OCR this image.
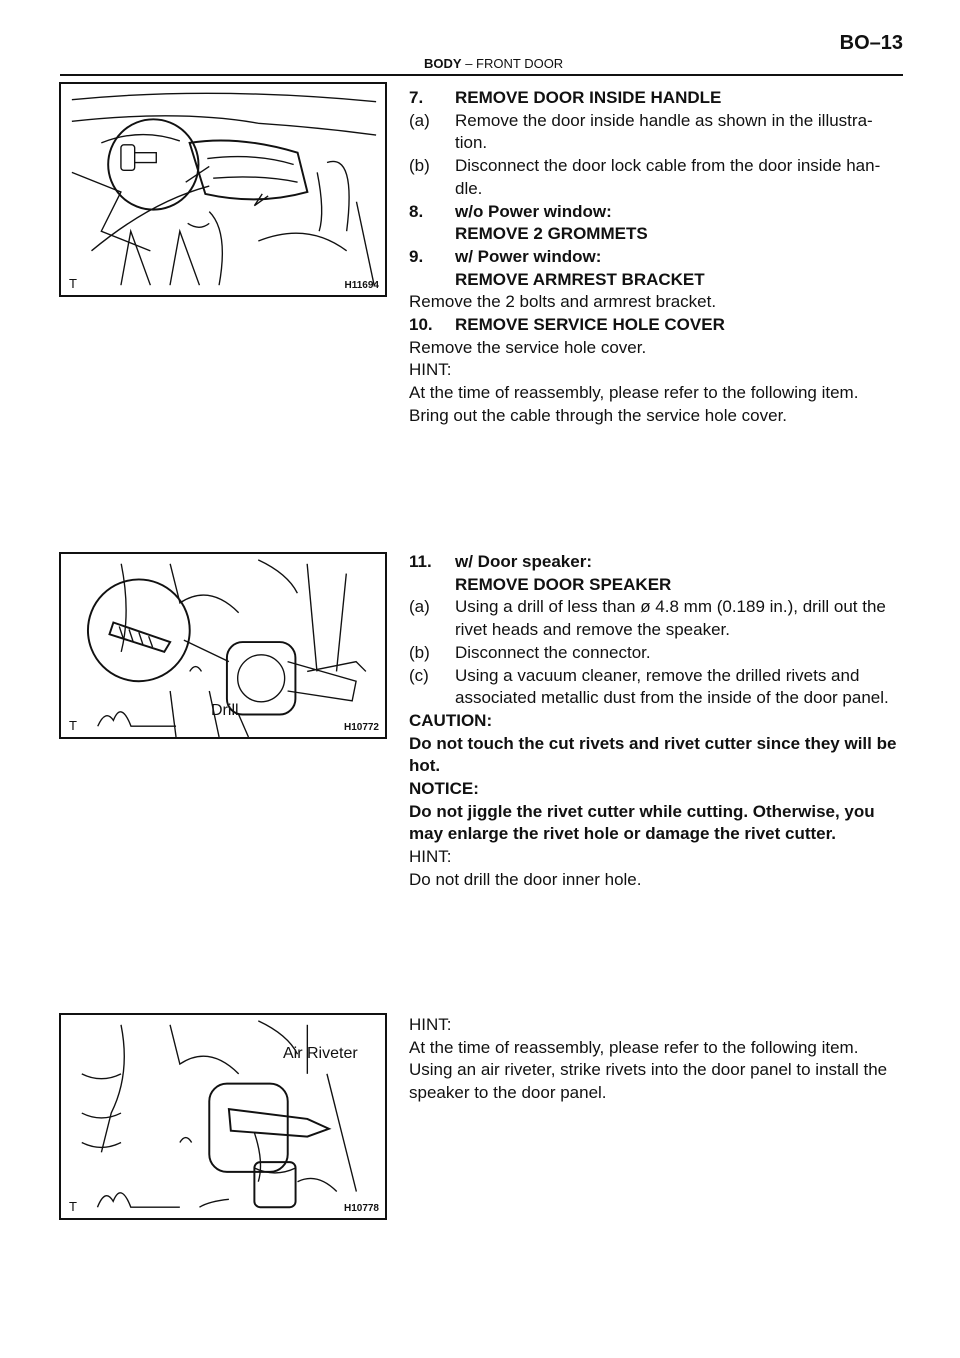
BO–13
BODY – FRONT DOOR
T	H11694
Drill
T	H10772
Air Riveter
T	H10778
7.	REMOVE DOOR INSIDE HANDLE
(a)	Remove the door inside handle as shown in the illustra-tion.
(b)	Disconnect the door lock cable from the door inside han-dle.
8.	w/o Power window:

REMOVE 2 GROMMETS

9.	w/ Power window:

REMOVE ARMREST BRACKET

Remove the 2 bolts and armrest bracket.

10.	REMOVE SERVICE HOLE COVER

Remove the service hole cover.

HINT:

At the time of reassembly, please refer to the following item.

Bring out the cable through the service hole cover.

11.	w/ Door speaker:

REMOVE DOOR SPEAKER

(a)	Using a drill of less than ø 4.8 mm (0.189 in.), drill out the rivet heads and remove the speaker.
(b)	Disconnect the connector.
(c)	Using a vacuum cleaner, remove the drilled rivets and associated metallic dust from the inside of the door panel.

CAUTION:

Do not touch the cut rivets and rivet cutter since they will be hot.

NOTICE:

Do not jiggle the rivet cutter while cutting. Otherwise, you may enlarge the rivet hole or damage the rivet cutter.

HINT:

Do not drill the door inner hole.

HINT:

At the time of reassembly, please refer to the following item.

Using an air riveter, strike rivets into the door panel to install the speaker to the door panel.
